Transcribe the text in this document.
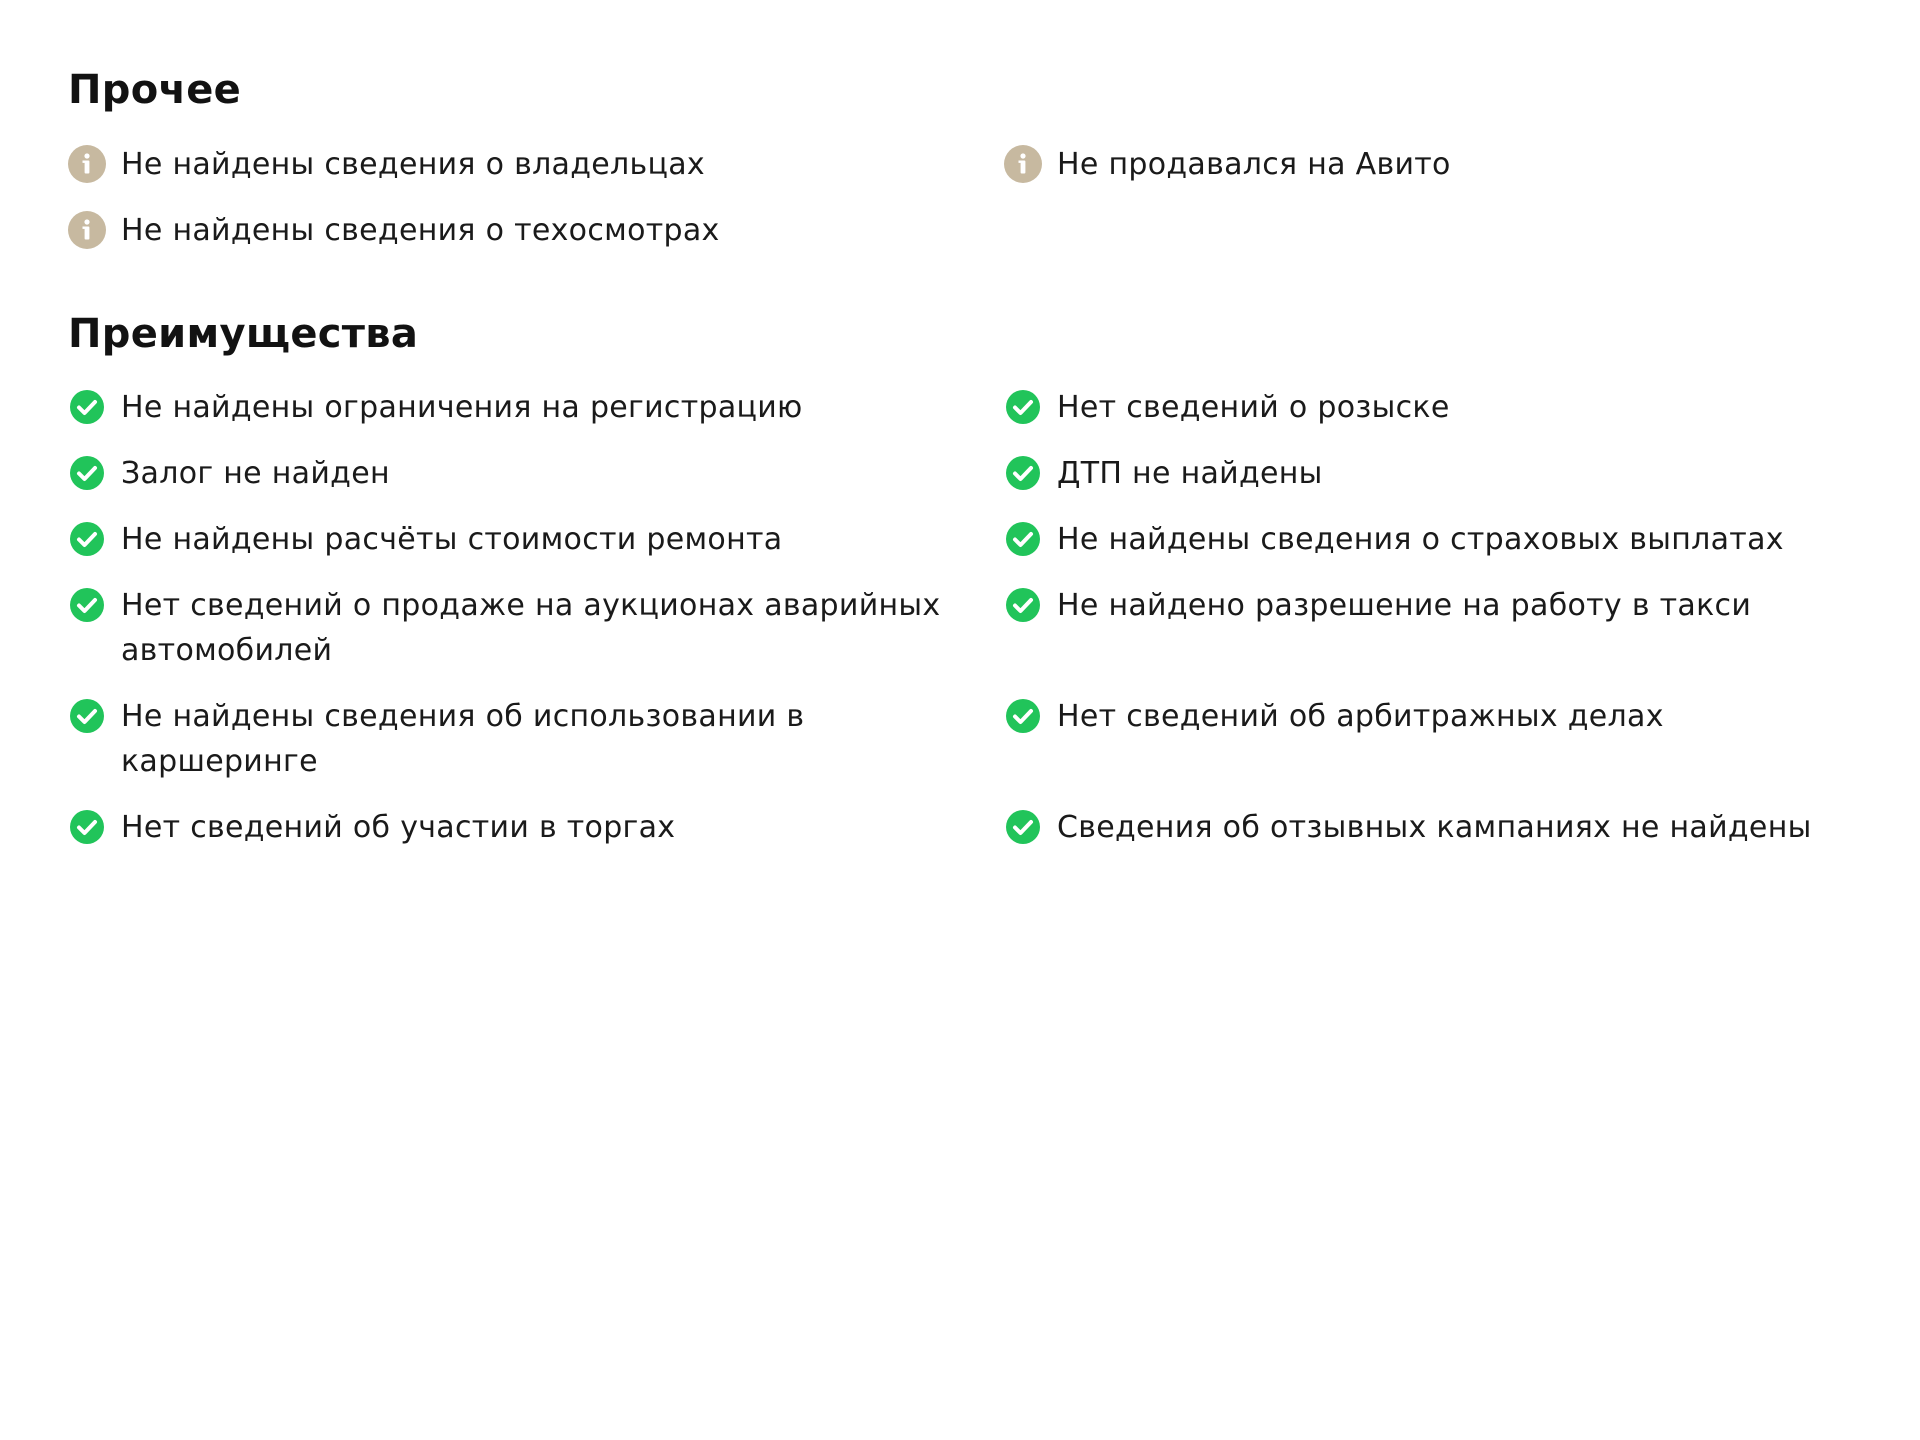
Прочее
Не найдены сведения о владельцах	Не продавался на Авито
Не найдены сведения о техосмотрах
Преимущества
Не найдены ограничения на регистрацию	Нет сведений о розыске
Залог не найден	ДТП не найдены
Не найдены расчёты стоимости ремонта	Не найдены сведения о страховых выплатах
Нет сведений о продаже на аукционах аварийных автомобилей
Не найдено разрешение на работу в такси
Не найдены сведения об использовании в каршеринге
Нет сведений об арбитражных делах
Нет сведений об участии в торгах	Сведения об отзывных кампаниях не найдены
